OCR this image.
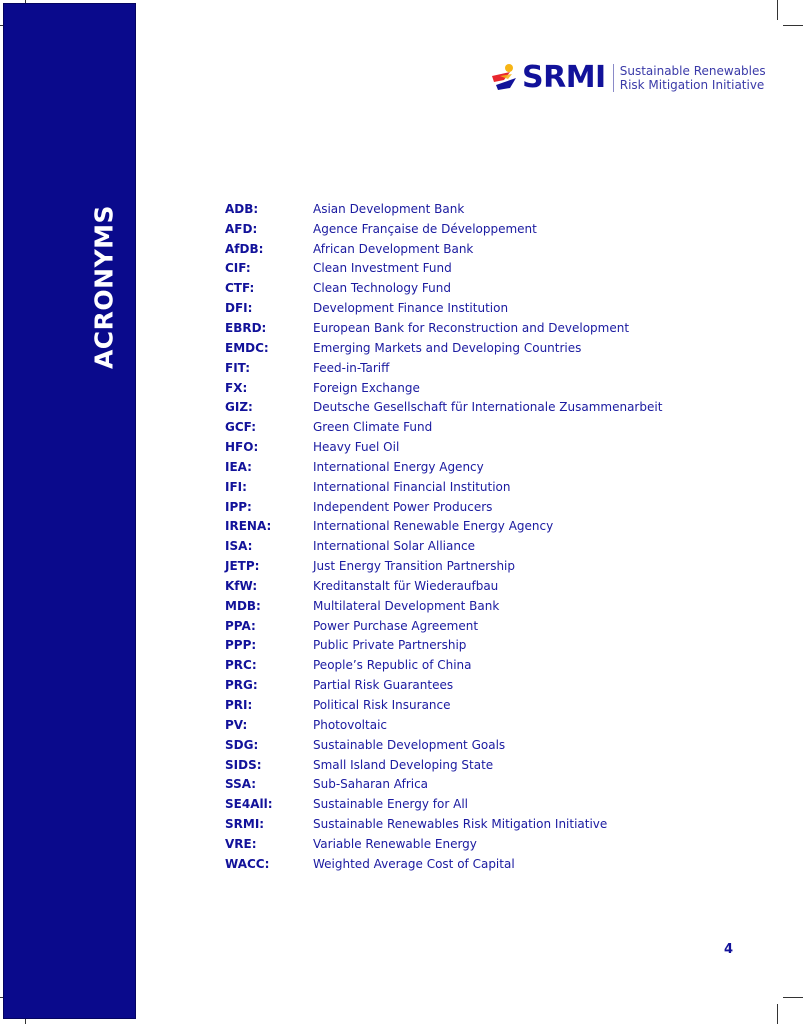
ACRONYMS
SRMI Sustainable Renewables
Risk Mitigation Initiative
ADB:	Asian Development Bank
AFD:	Agence Française de Développement
AfDB:	African Development Bank
CIF:	Clean Investment Fund
CTF:	Clean Technology Fund
DFI:	Development Finance Institution
EBRD:	European Bank for Reconstruction and Development
EMDC:	Emerging Markets and Developing Countries
FIT:	Feed-in-Tariff
FX:	Foreign Exchange
GIZ:	Deutsche Gesellschaft für Internationale Zusammenarbeit
GCF:	Green Climate Fund
HFO:	Heavy Fuel Oil
IEA:	International Energy Agency
IFI:	International Financial Institution
IPP:	Independent Power Producers
IRENA:	International Renewable Energy Agency
ISA:	International Solar Alliance
JETP:	Just Energy Transition Partnership
KfW:	Kreditanstalt für Wiederaufbau
MDB:	Multilateral Development Bank
PPA:	Power Purchase Agreement
PPP:	Public Private Partnership
PRC:	People’s Republic of China
PRG:	Partial Risk Guarantees
PRI:	Political Risk Insurance
PV:	Photovoltaic
SDG:	Sustainable Development Goals
SIDS:	Small Island Developing State
SSA:	Sub-Saharan Africa
SE4All:	Sustainable Energy for All
SRMI:	Sustainable Renewables Risk Mitigation Initiative
VRE:	Variable Renewable Energy
WACC:	Weighted Average Cost of Capital
4
